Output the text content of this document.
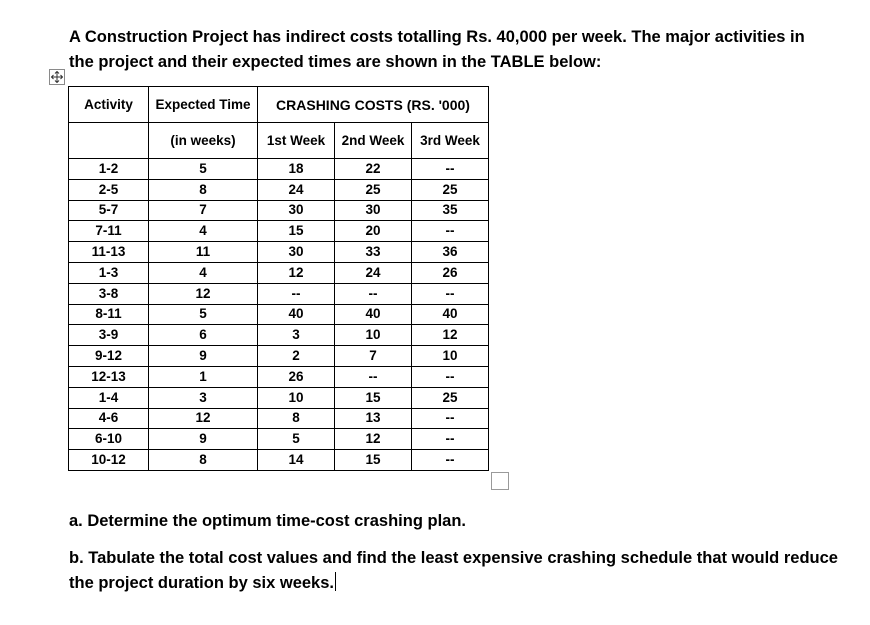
A Construction Project has indirect costs totalling Rs. 40,000 per week. The major activities in the project and their expected times are shown in the TABLE below:

Activity	Expected Time	CRASHING COSTS (RS. '000)		
	(in weeks)	1st Week	2nd Week	3rd Week
1-2	5	18	22	--
2-5	8	24	25	25
5-7	7	30	30	35
7-11	4	15	20	--
11-13	11	30	33	36
1-3	4	12	24	26
3-8	12	--	--	--
8-11	5	40	40	40
3-9	6	3	10	12
9-12	9	2	7	10
12-13	1	26	--	--
1-4	3	10	15	25
4-6	12	8	13	--
6-10	9	5	12	--
10-12	8	14	15	--

a. Determine the optimum time-cost crashing plan.

b. Tabulate the total cost values and find the least expensive crashing schedule that would reduce the project duration by six weeks.
